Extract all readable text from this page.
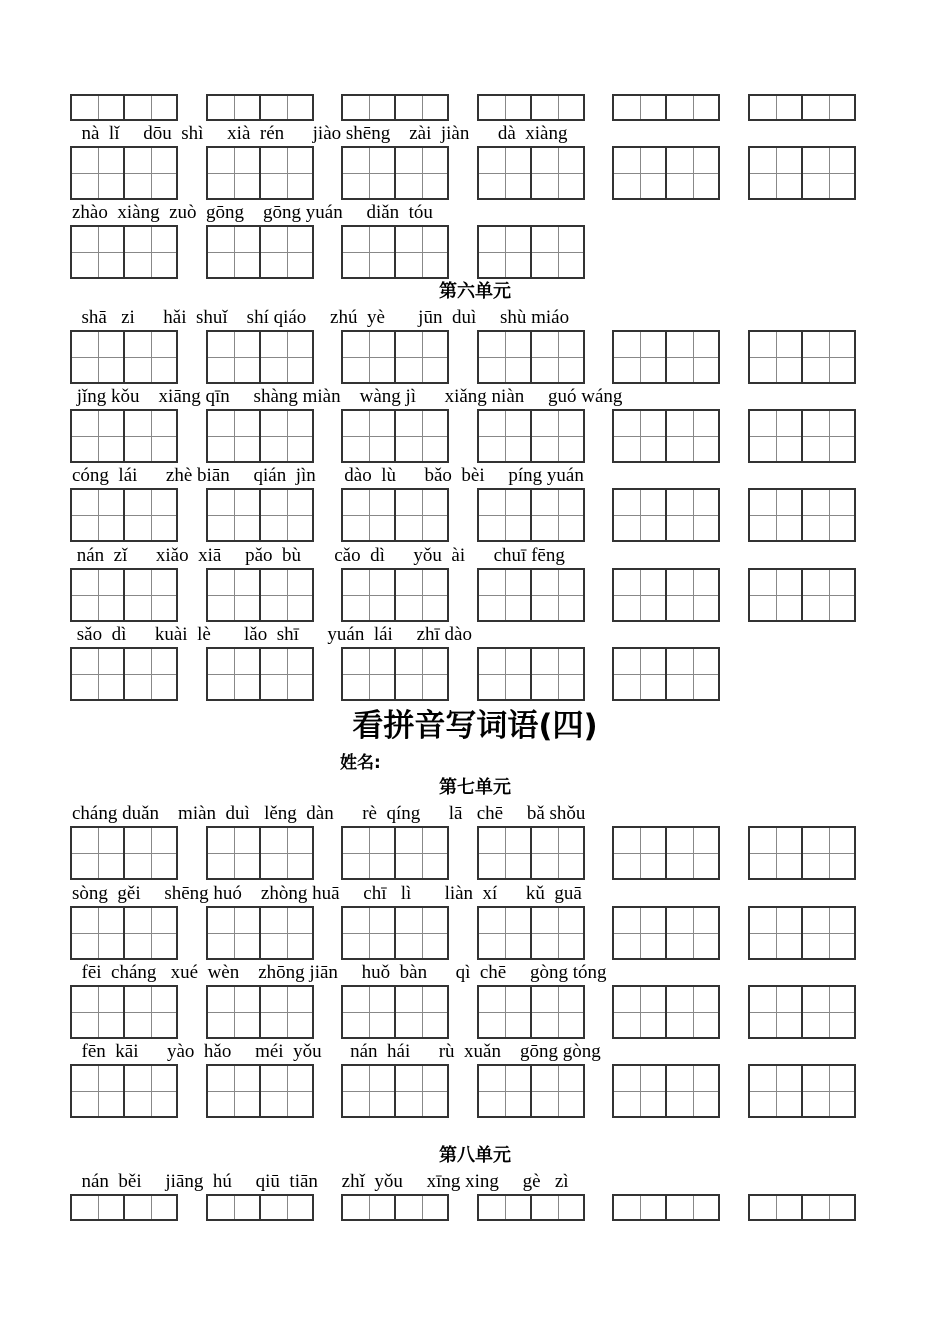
nà  lǐ     dōu  shì     xià  rén      jiào shēng    zài  jiàn      dà  xiàng

zhào  xiàng  zuò  gōng    gōng yuán     diǎn  tóu

第六单元

shā   zi      hǎi  shuǐ    shí qiáo     zhú  yè       jūn  duì     shù miáo

jǐng kǒu    xiāng qīn     shàng miàn    wàng jì      xiǎng niàn     guó wáng

cóng  lái      zhè biān     qián  jìn      dào  lù      bǎo  bèi     píng yuán

nán  zǐ      xiǎo  xiā     pǎo  bù       cǎo  dì      yǒu  ài      chuī fēng

sǎo  dì      kuài  lè       lǎo  shī      yuán  lái     zhī dào

看拼音写词语(四)

姓名:

第七单元

cháng duǎn    miàn  duì   lěng  dàn      rè  qíng      lā   chē     bǎ shǒu

sòng  gěi     shēng huó    zhòng huā     chī   lì       liàn  xí      kǔ  guā

fēi  cháng   xué  wèn    zhōng jiān     huǒ  bàn      qì  chē     gòng tóng

fēn  kāi      yào  hǎo     méi  yǒu      nán  hái      rù  xuǎn    gōng gòng

第八单元

nán  běi     jiāng  hú     qiū  tiān     zhǐ  yǒu     xīng xing     gè   zì
